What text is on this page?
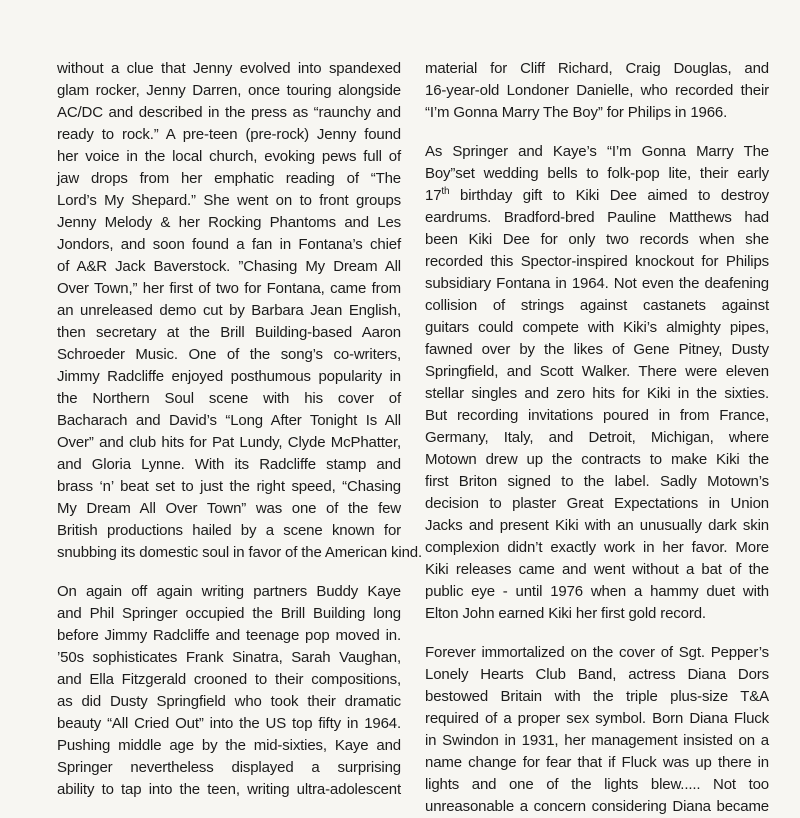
without a clue that Jenny evolved into spandexed
glam rocker, Jenny Darren, once touring alongside
AC/DC and described in the press as “raunchy and
ready to rock.” A pre-teen (pre-rock) Jenny found
her voice in the local church, evoking pews full of
jaw drops from her emphatic reading of “The
Lord’s My Shepard.” She went on to front groups
Jenny Melody & her Rocking Phantoms and Les
Jondors, and soon found a fan in Fontana’s chief
of A&R Jack Baverstock. ”Chasing My Dream All
Over Town,” her first of two for Fontana, came from
an unreleased demo cut by Barbara Jean English,
then secretary at the Brill Building-based Aaron
Schroeder Music. One of the song’s co-writers,
Jimmy Radcliffe enjoyed posthumous popularity in
the Northern Soul scene with his cover of
Bacharach and David’s “Long After Tonight Is All
Over” and club hits for Pat Lundy, Clyde McPhatter,
and Gloria Lynne. With its Radcliffe stamp and
brass ‘n’ beat set to just the right speed, “Chasing
My Dream All Over Town” was one of the few
British productions hailed by a scene known for
snubbing its domestic soul in favor of the American kind.
On again off again writing partners Buddy Kaye
and Phil Springer occupied the Brill Building long
before Jimmy Radcliffe and teenage pop moved in.
’50s sophisticates Frank Sinatra, Sarah Vaughan,
and Ella Fitzgerald crooned to their compositions,
as did Dusty Springfield who took their dramatic
beauty “All Cried Out” into the US top fifty in 1964.
Pushing middle age by the mid-sixties, Kaye and
Springer nevertheless displayed a surprising
ability to tap into the teen, writing ultra-adolescent
material for Cliff Richard, Craig Douglas, and
16-year-old Londoner Danielle, who recorded their
“I’m Gonna Marry The Boy” for Philips in 1966.
As Springer and Kaye’s “I’m Gonna Marry The
Boy”set wedding bells to folk-pop lite, their early
17th birthday gift to Kiki Dee aimed to destroy
eardrums. Bradford-bred Pauline Matthews had
been Kiki Dee for only two records when she
recorded this Spector-inspired knockout for Philips
subsidiary Fontana in 1964. Not even the deafening
collision of strings against castanets against
guitars could compete with Kiki’s almighty pipes,
fawned over by the likes of Gene Pitney, Dusty
Springfield, and Scott Walker. There were eleven
stellar singles and zero hits for Kiki in the sixties.
But recording invitations poured in from France,
Germany, Italy, and Detroit, Michigan, where
Motown drew up the contracts to make Kiki the
first Briton signed to the label. Sadly Motown’s
decision to plaster Great Expectations in Union
Jacks and present Kiki with an unusually dark skin
complexion didn’t exactly work in her favor. More
Kiki releases came and went without a bat of the
public eye - until 1976 when a hammy duet with
Elton John earned Kiki her first gold record.
Forever immortalized on the cover of Sgt. Pepper’s
Lonely Hearts Club Band, actress Diana Dors
bestowed Britain with the triple plus-size T&A
required of a proper sex symbol. Born Diana Fluck
in Swindon in 1931, her management insisted on a
name change for fear that if Fluck was up there in
lights and one of the lights blew..... Not too
unreasonable a concern considering Diana became
